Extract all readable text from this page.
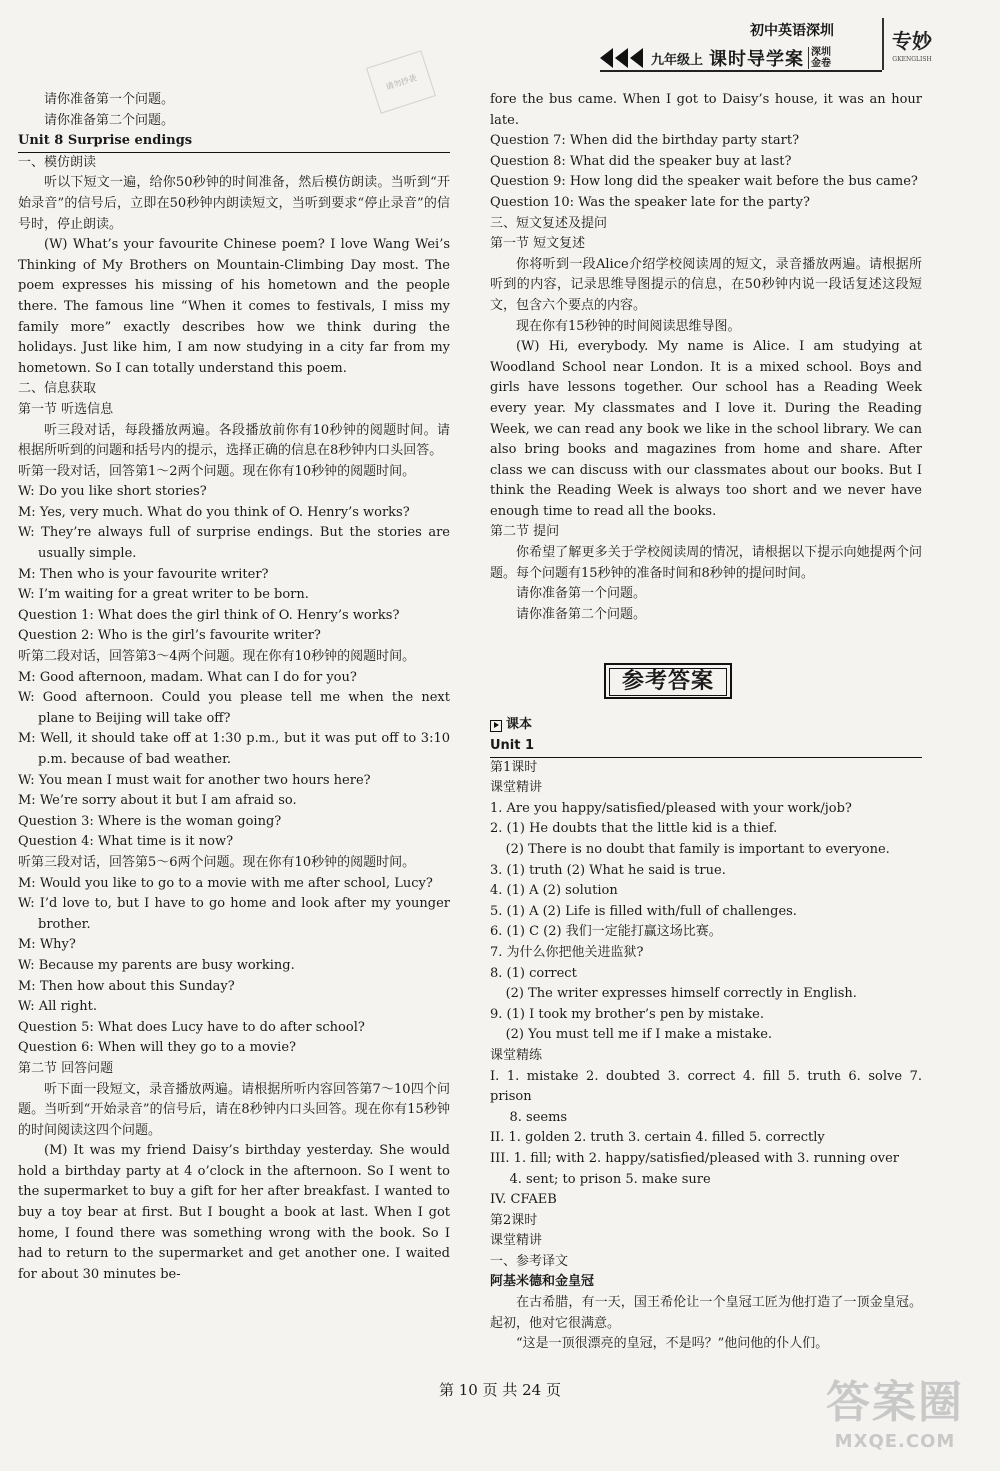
初中英语深圳
九年级上 课时导学案 深圳金卷
专妙
GKENGLISH
请勿抄袭
请你准备第一个问题。
请你准备第二个问题。
Unit 8 Surprise endings
一、模仿朗读
听以下短文一遍，给你50秒钟的时间准备，然后模仿朗读。当听到“开始录音”的信号后，立即在50秒钟内朗读短文，当听到要求“停止录音”的信号时，停止朗读。
(W) What’s your favourite Chinese poem? I love Wang Wei’s Thinking of My Brothers on Mountain-Climbing Day most. The poem expresses his missing of his hometown and the people there. The famous line “When it comes to festivals, I miss my family more” exactly describes how we think during the holidays. Just like him, I am now studying in a city far from my hometown. So I can totally understand this poem.
二、信息获取
第一节 听选信息
听三段对话，每段播放两遍。各段播放前你有10秒钟的阅题时间。请根据所听到的问题和括号内的提示，选择正确的信息在8秒钟内口头回答。
听第一段对话，回答第1～2两个问题。现在你有10秒钟的阅题时间。
W: Do you like short stories?
M: Yes, very much. What do you think of O. Henry’s works?
W: They’re always full of surprise endings. But the stories are usually simple.
M: Then who is your favourite writer?
W: I’m waiting for a great writer to be born.
Question 1: What does the girl think of O. Henry’s works?
Question 2: Who is the girl’s favourite writer?
听第二段对话，回答第3～4两个问题。现在你有10秒钟的阅题时间。
M: Good afternoon, madam. What can I do for you?
W: Good afternoon. Could you please tell me when the next plane to Beijing will take off?
M: Well, it should take off at 1:30 p.m., but it was put off to 3:10 p.m. because of bad weather.
W: You mean I must wait for another two hours here?
M: We’re sorry about it but I am afraid so.
Question 3: Where is the woman going?
Question 4: What time is it now?
听第三段对话，回答第5～6两个问题。现在你有10秒钟的阅题时间。
M: Would you like to go to a movie with me after school, Lucy?
W: I’d love to, but I have to go home and look after my younger brother.
M: Why?
W: Because my parents are busy working.
M: Then how about this Sunday?
W: All right.
Question 5: What does Lucy have to do after school?
Question 6: When will they go to a movie?
第二节 回答问题
听下面一段短文，录音播放两遍。请根据所听内容回答第7～10四个问题。当听到“开始录音”的信号后，请在8秒钟内口头回答。现在你有15秒钟的时间阅读这四个问题。
(M) It was my friend Daisy’s birthday yesterday. She would hold a birthday party at 4 o’clock in the afternoon. So I went to the supermarket to buy a gift for her after breakfast. I wanted to buy a toy bear at first. But I bought a book at last. When I got home, I found there was something wrong with the book. So I had to return to the supermarket and get another one. I waited for about 30 minutes be-
fore the bus came. When I got to Daisy’s house, it was an hour late.
Question 7: When did the birthday party start?
Question 8: What did the speaker buy at last?
Question 9: How long did the speaker wait before the bus came?
Question 10: Was the speaker late for the party?
三、短文复述及提问
第一节 短文复述
你将听到一段Alice介绍学校阅读周的短文，录音播放两遍。请根据所听到的内容，记录思维导图提示的信息，在50秒钟内说一段话复述这段短文，包含六个要点的内容。
现在你有15秒钟的时间阅读思维导图。
(W) Hi, everybody. My name is Alice. I am studying at Woodland School near London. It is a mixed school. Boys and girls have lessons together. Our school has a Reading Week every year. My classmates and I love it. During the Reading Week, we can read any book we like in the school library. We can also bring books and magazines from home and share. After class we can discuss with our classmates about our books. But I think the Reading Week is always too short and we never have enough time to read all the books.
第二节 提问
你希望了解更多关于学校阅读周的情况，请根据以下提示向她提两个问题。每个问题有15秒钟的准备时间和8秒钟的提问时间。
请你准备第一个问题。
请你准备第二个问题。
参考答案
课本
Unit 1
第1课时
课堂精讲
1. Are you happy/satisfied/pleased with your work/job?
2. (1) He doubts that the little kid is a thief.
(2) There is no doubt that family is important to everyone.
3. (1) truth (2) What he said is true.
4. (1) A (2) solution
5. (1) A (2) Life is filled with/full of challenges.
6. (1) C (2) 我们一定能打赢这场比赛。
7. 为什么你把他关进监狱?
8. (1) correct
(2) The writer expresses himself correctly in English.
9. (1) I took my brother’s pen by mistake.
(2) You must tell me if I make a mistake.
课堂精练
I. 1. mistake 2. doubted 3. correct 4. fill 5. truth 6. solve 7. prison
8. seems
II. 1. golden 2. truth 3. certain 4. filled 5. correctly
III. 1. fill; with 2. happy/satisfied/pleased with 3. running over
4. sent; to prison 5. make sure
IV. CFAEB
第2课时
课堂精讲
一、参考译文
阿基米德和金皇冠
在古希腊，有一天，国王希伦让一个皇冠工匠为他打造了一顶金皇冠。起初，他对它很满意。
“这是一顶很漂亮的皇冠，不是吗？”他问他的仆人们。
第 10 页 共 24 页	答案圈
MXQE.COM
